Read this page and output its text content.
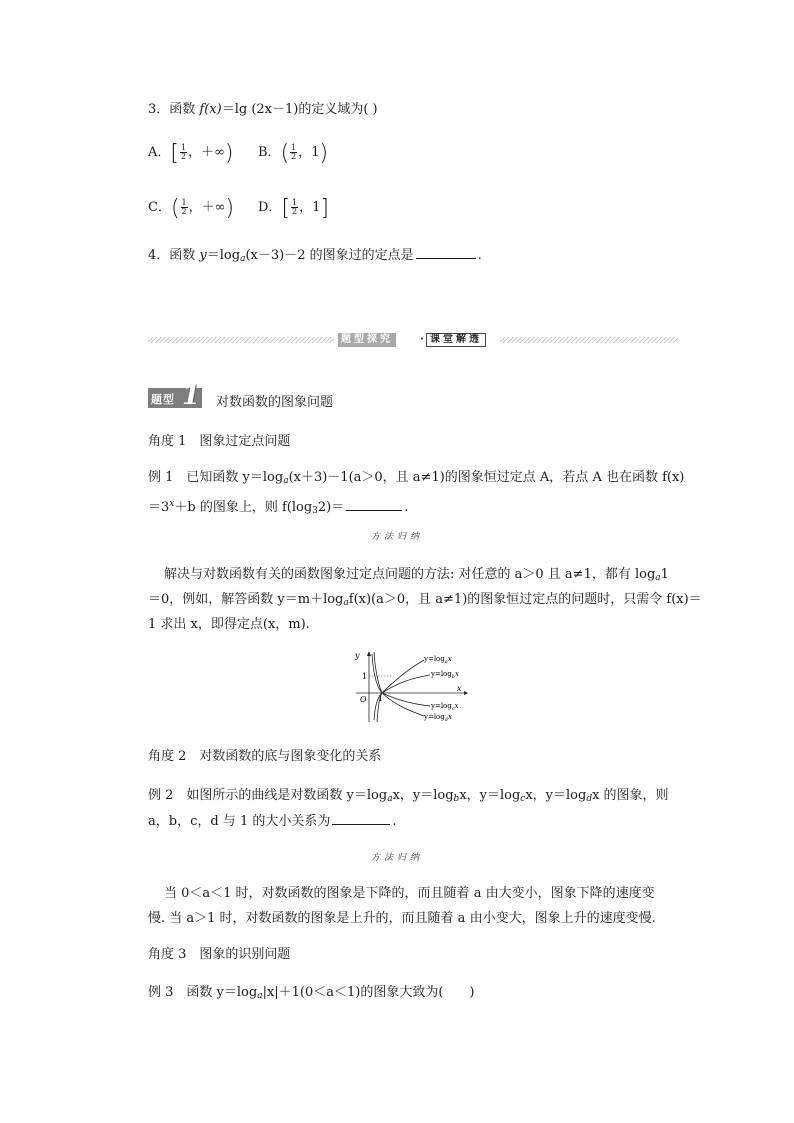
3．函数 f(x)＝lg (2x－1)的定义域为( )
A．[ $\frac{1}{2}$ ，＋∞) B．( $\frac{1}{2}$ ，1)
C．( $\frac{1}{2}$ ，＋∞) D．[ $\frac{1}{2}$ ，1]
4．函数 $y=\log_a(x-3)-2$ 的图象过的定点是	.
题型探究	· 课堂解透
题型 1 对数函数的图象问题
角度 1　图象过定点问题
例 1　已知函数 $y=\log_a(x+3)-1(a>0$，且 a≠1)的图象恒过定点 A，若点 A 也在函数 f(x)
$=3^x+b$ 的图象上，则 $f(\log_32)=$	.
方法归纳
解决与对数函数有关的函数图象过定点问题的方法: 对任意的 a＞0 且 a≠1，都有 $\log_a1$
＝0，例如，解答函数 $y=m+\log_af(x)(a>0$，且 a≠1)的图象恒过定点的问题时，只需令 f(x)＝
1 求出 x，即得定点(x，m).
y
x
O 1
1
$y=\log_ax$
$y=\log_bx$
$y=\log_cx$
$y=\log_dx$
角度 2　对数函数的底与图象变化的关系
例 2　如图所示的曲线是对数函数 $y=\log_ax$，$y=\log_bx$，$y=\log_cx$，$y=\log_dx$ 的图象，则
a，b，c，d 与 1 的大小关系为	.
方法归纳
当 0＜a＜1 时，对数函数的图象是下降的，而且随着 a 由大变小，图象下降的速度变
慢. 当 a＞1 时，对数函数的图象是上升的，而且随着 a 由小变大，图象上升的速度变慢.
角度 3　图象的识别问题
例 3　函数 $y=\log_a|x|+1(0<a<1)$的图象大致为(　　)
